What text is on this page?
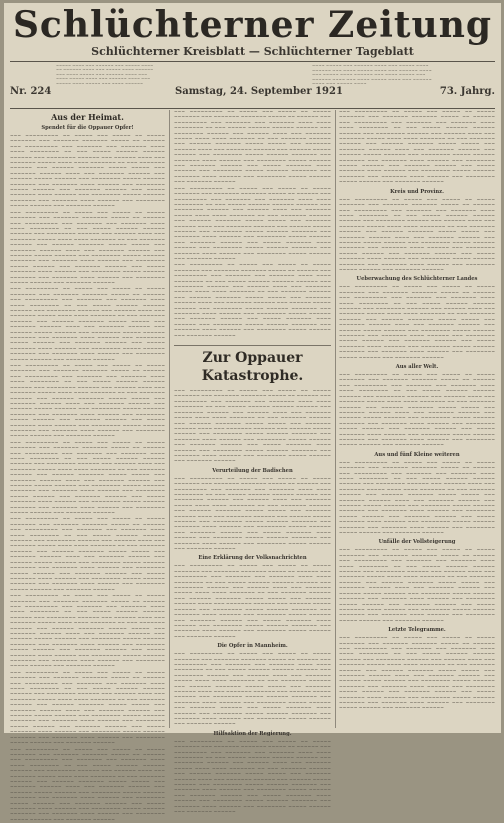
Schlüchterner Zeitung
Schlüchterner Kreisblatt — Schlüchterner Tageblatt
Nr. 224
~~~~~ ~~~~ ~~~ ~~~~~~ ~~~ ~~~~~ ~~~~ ~~ ~~~~~~ ~~~~ ~~~ ~~~~~ ~~~~ ~~~~~~ ~~~ ~~~~ ~~~~~ ~~~ ~~~~~~ ~~~~ ~~~ ~~~~ ~~~~~ ~~~~ ~~~ ~~~~~~ ~~~~ ~~~ ~~~~~ ~~~~ ~~~~~ ~~~ ~~~~ ~~~~~~
Samstag, 24. September 1921
~~~~ ~~~~~ ~~~ ~~~~~~ ~~~~ ~~~ ~~~~~ ~~~~ ~~~~~~ ~~~ ~~~~ ~~~~~ ~~~~ ~~~ ~~~~~~ ~~~~ ~~~ ~~~~~ ~~~~ ~~~~~~ ~~~ ~~~~ ~~~~~ ~~~ ~~~~~~ ~~~~ ~~~ ~~~~ ~~~~~ ~~~~ ~~~ ~~~~~~ ~~~~ ~~~ ~~~~~ ~~~~
73. Jahrg.
Aus der Heimat.
Spendet für die Oppauer Opfer!

~~~ ~~~~~~~~~ ~~ ~~~~~ ~~~ ~~~~~ ~~ ~~~~~ ~~~~~~~ ~~~ ~~~~~~~ ~~~~~~~ ~~~~~ ~~ ~~~~~~ ~~~ ~~~~~~~~~ ~~~ ~~~~~~~ ~~~ ~~~~~~~ ~~~~ ~~~~ ~~~~~~~~ ~~ ~~~ ~~~~~ ~~~~~~ ~~~~~~ ~~~~~~ ~~~ ~~~~~~~~ ~~~~~~ ~~~ ~~~~~~ ~~~~ ~~~ ~~~~~~~ ~~~~~ ~~~~ ~~~~ ~~~~~~~ ~~ ~~~ ~~~~~~~ ~~~~~~ ~~~ ~~~~~~ ~~~~~~~ ~~~~~ ~~~~~ ~~~ ~~~~~~~ ~~~~~~ ~~~~ ~~~ ~~~~~~~ ~~~~~~ ~~~ ~~~~~~ ~~~~~ ~~~~~~ ~~~ ~~~~~~~~ ~~~~~ ~~~~~~ ~~~~~~~ ~~~ ~~~~~~~ ~~~~ ~~~~~~ ~~~ ~~~~~~~~ ~~~~~ ~~~~~~ ~~~ ~~~~~~~ ~~~~~~ ~~~ ~~~~~ ~~~~~~~ ~~~~ ~~~~~~ ~~~ ~~~~~~~~ ~~~~~ ~~~~~~ ~~~~~~~ ~~~ ~~~~~~~ ~~~~ ~~~~~~ ~~~ ~~~~~~~~ ~~~~~ ~~~~~~ ~~~ ~~~~~~~ ~~~~~~

~~~ ~~~~~~~~~ ~~ ~~~~~ ~~~ ~~~~~ ~~ ~~~~~ ~~~~~~~ ~~~ ~~~~~~~ ~~~~~~~ ~~~~~ ~~ ~~~~~~ ~~~ ~~~~~~~~~ ~~~ ~~~~~~~ ~~~ ~~~~~~~ ~~~~ ~~~~ ~~~~~~~~ ~~ ~~~ ~~~~~ ~~~~~~ ~~~~~~ ~~~~~~ ~~~ ~~~~~~~~ ~~~~~~ ~~~ ~~~~~~ ~~~~ ~~~ ~~~~~~~ ~~~~~ ~~~~ ~~~~ ~~~~~~~ ~~ ~~~ ~~~~~~~ ~~~~~~ ~~~ ~~~~~~ ~~~~~~~ ~~~~~ ~~~~~ ~~~ ~~~~~~~ ~~~~~~ ~~~~ ~~~ ~~~~~~~ ~~~~~~ ~~~ ~~~~~~ ~~~~~ ~~~~~~ ~~~ ~~~~~~~~ ~~~~~ ~~~~~~ ~~~~~~~ ~~~ ~~~~~~~ ~~~~ ~~~~~~ ~~~ ~~~~~~~~ ~~~~~ ~~~~~~ ~~~ ~~~~~~~ ~~~~~~ ~~~ ~~~~~ ~~~~~~~ ~~~~ ~~~~~~ ~~~ ~~~~~~~~ ~~~~~ ~~~~~~ ~~~~~~~ ~~~ ~~~~~~~ ~~~~ ~~~~~~ ~~~ ~~~~~~~~ ~~~~~ ~~~~~~ ~~~ ~~~~~~~ ~~~~~~

~~~ ~~~~~~~~~ ~~ ~~~~~ ~~~ ~~~~~ ~~ ~~~~~ ~~~~~~~ ~~~ ~~~~~~~ ~~~~~~~ ~~~~~ ~~ ~~~~~~ ~~~ ~~~~~~~~~ ~~~ ~~~~~~~ ~~~ ~~~~~~~ ~~~~ ~~~~ ~~~~~~~~ ~~ ~~~ ~~~~~ ~~~~~~ ~~~~~~ ~~~~~~ ~~~ ~~~~~~~~ ~~~~~~ ~~~ ~~~~~~ ~~~~ ~~~ ~~~~~~~ ~~~~~ ~~~~ ~~~~ ~~~~~~~ ~~ ~~~ ~~~~~~~ ~~~~~~ ~~~ ~~~~~~ ~~~~~~~ ~~~~~ ~~~~~ ~~~ ~~~~~~~ ~~~~~~ ~~~~ ~~~ ~~~~~~~ ~~~~~~ ~~~ ~~~~~~ ~~~~~ ~~~~~~ ~~~ ~~~~~~~~ ~~~~~ ~~~~~~ ~~~~~~~ ~~~ ~~~~~~~ ~~~~ ~~~~~~ ~~~ ~~~~~~~~ ~~~~~ ~~~~~~ ~~~ ~~~~~~~ ~~~~~~ ~~~ ~~~~~ ~~~~~~~ ~~~~ ~~~~~~ ~~~ ~~~~~~~~ ~~~~~ ~~~~~~ ~~~~~~~ ~~~ ~~~~~~~ ~~~~ ~~~~~~ ~~~ ~~~~~~~~ ~~~~~ ~~~~~~ ~~~ ~~~~~~~ ~~~~~~

~~~ ~~~~~~~~~ ~~ ~~~~~ ~~~ ~~~~~ ~~ ~~~~~ ~~~~~~~ ~~~ ~~~~~~~ ~~~~~~~ ~~~~~ ~~ ~~~~~~ ~~~ ~~~~~~~~~ ~~~ ~~~~~~~ ~~~ ~~~~~~~ ~~~~ ~~~~ ~~~~~~~~ ~~ ~~~ ~~~~~ ~~~~~~ ~~~~~~ ~~~~~~ ~~~ ~~~~~~~~ ~~~~~~ ~~~ ~~~~~~ ~~~~ ~~~ ~~~~~~~ ~~~~~ ~~~~ ~~~~ ~~~~~~~ ~~ ~~~ ~~~~~~~ ~~~~~~ ~~~ ~~~~~~ ~~~~~~~ ~~~~~ ~~~~~ ~~~ ~~~~~~~ ~~~~~~ ~~~~ ~~~ ~~~~~~~ ~~~~~~ ~~~ ~~~~~~ ~~~~~ ~~~~~~ ~~~ ~~~~~~~~ ~~~~~ ~~~~~~ ~~~~~~~ ~~~ ~~~~~~~ ~~~~ ~~~~~~ ~~~ ~~~~~~~~ ~~~~~ ~~~~~~ ~~~ ~~~~~~~ ~~~~~~ ~~~ ~~~~~ ~~~~~~~ ~~~~ ~~~~~~ ~~~ ~~~~~~~~ ~~~~~ ~~~~~~ ~~~~~~~ ~~~ ~~~~~~~ ~~~~ ~~~~~~ ~~~ ~~~~~~~~ ~~~~~ ~~~~~~ ~~~ ~~~~~~~ ~~~~~~

~~~ ~~~~~~~~~ ~~ ~~~~~ ~~~ ~~~~~ ~~ ~~~~~ ~~~~~~~ ~~~ ~~~~~~~ ~~~~~~~ ~~~~~ ~~ ~~~~~~ ~~~ ~~~~~~~~~ ~~~ ~~~~~~~ ~~~ ~~~~~~~ ~~~~ ~~~~ ~~~~~~~~ ~~ ~~~ ~~~~~ ~~~~~~ ~~~~~~ ~~~~~~ ~~~ ~~~~~~~~ ~~~~~~ ~~~ ~~~~~~ ~~~~ ~~~ ~~~~~~~ ~~~~~ ~~~~ ~~~~ ~~~~~~~ ~~ ~~~ ~~~~~~~ ~~~~~~ ~~~ ~~~~~~ ~~~~~~~ ~~~~~ ~~~~~ ~~~ ~~~~~~~ ~~~~~~ ~~~~ ~~~ ~~~~~~~ ~~~~~~ ~~~ ~~~~~~ ~~~~~ ~~~~~~ ~~~ ~~~~~~~~ ~~~~~ ~~~~~~ ~~~~~~~ ~~~ ~~~~~~~ ~~~~ ~~~~~~ ~~~ ~~~~~~~~ ~~~~~ ~~~~~~ ~~~ ~~~~~~~ ~~~~~~ ~~~ ~~~~~ ~~~~~~~ ~~~~ ~~~~~~ ~~~ ~~~~~~~~ ~~~~~ ~~~~~~ ~~~~~~~ ~~~ ~~~~~~~ ~~~~ ~~~~~~ ~~~ ~~~~~~~~ ~~~~~ ~~~~~~ ~~~ ~~~~~~~ ~~~~~~

~~~ ~~~~~~~~~ ~~ ~~~~~ ~~~ ~~~~~ ~~ ~~~~~ ~~~~~~~ ~~~ ~~~~~~~ ~~~~~~~ ~~~~~ ~~ ~~~~~~ ~~~ ~~~~~~~~~ ~~~ ~~~~~~~ ~~~ ~~~~~~~ ~~~~ ~~~~ ~~~~~~~~ ~~ ~~~ ~~~~~ ~~~~~~ ~~~~~~ ~~~~~~ ~~~ ~~~~~~~~ ~~~~~~ ~~~ ~~~~~~ ~~~~ ~~~ ~~~~~~~ ~~~~~ ~~~~ ~~~~ ~~~~~~~ ~~ ~~~ ~~~~~~~ ~~~~~~ ~~~ ~~~~~~ ~~~~~~~ ~~~~~ ~~~~~ ~~~ ~~~~~~~ ~~~~~~ ~~~~ ~~~ ~~~~~~~ ~~~~~~ ~~~ ~~~~~~ ~~~~~ ~~~~~~ ~~~ ~~~~~~~~ ~~~~~ ~~~~~~ ~~~~~~~ ~~~ ~~~~~~~ ~~~~ ~~~~~~ ~~~ ~~~~~~~~ ~~~~~ ~~~~~~ ~~~ ~~~~~~~ ~~~~~~ ~~~ ~~~~~ ~~~~~~~ ~~~~ ~~~~~~ ~~~ ~~~~~~~~ ~~~~~ ~~~~~~ ~~~~~~~ ~~~ ~~~~~~~ ~~~~ ~~~~~~ ~~~ ~~~~~~~~ ~~~~~ ~~~~~~ ~~~ ~~~~~~~ ~~~~~~

~~~ ~~~~~~~~~ ~~ ~~~~~ ~~~ ~~~~~ ~~ ~~~~~ ~~~~~~~ ~~~ ~~~~~~~ ~~~~~~~ ~~~~~ ~~ ~~~~~~ ~~~ ~~~~~~~~~ ~~~ ~~~~~~~ ~~~ ~~~~~~~ ~~~~ ~~~~ ~~~~~~~~ ~~ ~~~ ~~~~~ ~~~~~~ ~~~~~~ ~~~~~~ ~~~ ~~~~~~~~ ~~~~~~ ~~~ ~~~~~~ ~~~~ ~~~ ~~~~~~~ ~~~~~ ~~~~ ~~~~ ~~~~~~~ ~~ ~~~ ~~~~~~~ ~~~~~~ ~~~ ~~~~~~ ~~~~~~~ ~~~~~ ~~~~~ ~~~ ~~~~~~~ ~~~~~~ ~~~~ ~~~ ~~~~~~~ ~~~~~~ ~~~ ~~~~~~ ~~~~~ ~~~~~~ ~~~ ~~~~~~~~ ~~~~~ ~~~~~~ ~~~~~~~ ~~~ ~~~~~~~ ~~~~ ~~~~~~ ~~~ ~~~~~~~~ ~~~~~ ~~~~~~ ~~~ ~~~~~~~ ~~~~~~ ~~~ ~~~~~ ~~~~~~~ ~~~~ ~~~~~~ ~~~ ~~~~~~~~ ~~~~~ ~~~~~~ ~~~~~~~ ~~~ ~~~~~~~ ~~~~ ~~~~~~ ~~~ ~~~~~~~~ ~~~~~ ~~~~~~ ~~~ ~~~~~~~ ~~~~~~

~~~ ~~~~~~~~~ ~~ ~~~~~ ~~~ ~~~~~ ~~ ~~~~~ ~~~~~~~ ~~~ ~~~~~~~ ~~~~~~~ ~~~~~ ~~ ~~~~~~ ~~~ ~~~~~~~~~ ~~~ ~~~~~~~ ~~~ ~~~~~~~ ~~~~ ~~~~ ~~~~~~~~ ~~ ~~~ ~~~~~ ~~~~~~ ~~~~~~ ~~~~~~ ~~~ ~~~~~~~~ ~~~~~~ ~~~ ~~~~~~ ~~~~ ~~~ ~~~~~~~ ~~~~~ ~~~~ ~~~~ ~~~~~~~ ~~ ~~~ ~~~~~~~ ~~~~~~ ~~~ ~~~~~~ ~~~~~~~ ~~~~~ ~~~~~ ~~~ ~~~~~~~ ~~~~~~ ~~~~ ~~~ ~~~~~~~ ~~~~~~ ~~~ ~~~~~~ ~~~~~ ~~~~~~ ~~~ ~~~~~~~~ ~~~~~ ~~~~~~ ~~~~~~~ ~~~ ~~~~~~~ ~~~~ ~~~~~~ ~~~ ~~~~~~~~ ~~~~~ ~~~~~~ ~~~ ~~~~~~~ ~~~~~~ ~~~ ~~~~~ ~~~~~~~ ~~~~ ~~~~~~ ~~~ ~~~~~~~~ ~~~~~ ~~~~~~ ~~~~~~~ ~~~ ~~~~~~~ ~~~~ ~~~~~~ ~~~ ~~~~~~~~ ~~~~~ ~~~~~~ ~~~ ~~~~~~~ ~~~~~~

~~~ ~~~~~~~~~ ~~ ~~~~~ ~~~ ~~~~~ ~~ ~~~~~ ~~~~~~~ ~~~ ~~~~~~~ ~~~~~~~ ~~~~~ ~~ ~~~~~~ ~~~ ~~~~~~~~~ ~~~ ~~~~~~~ ~~~ ~~~~~~~ ~~~~ ~~~~ ~~~~~~~~ ~~ ~~~ ~~~~~ ~~~~~~ ~~~~~~ ~~~~~~ ~~~ ~~~~~~~~ ~~~~~~ ~~~ ~~~~~~ ~~~~ ~~~ ~~~~~~~ ~~~~~ ~~~~ ~~~~ ~~~~~~~ ~~ ~~~ ~~~~~~~ ~~~~~~ ~~~ ~~~~~~ ~~~~~~~ ~~~~~ ~~~~~ ~~~ ~~~~~~~ ~~~~~~ ~~~~ ~~~ ~~~~~~~ ~~~~~~ ~~~ ~~~~~~ ~~~~~ ~~~~~~ ~~~ ~~~~~~~~ ~~~~~ ~~~~~~ ~~~~~~~ ~~~ ~~~~~~~ ~~~~ ~~~~~~ ~~~ ~~~~~~~~ ~~~~~ ~~~~~~ ~~~ ~~~~~~~ ~~~~~~ ~~~ ~~~~~ ~~~~~~~ ~~~~ ~~~~~~ ~~~ ~~~~~~~~ ~~~~~ ~~~~~~ ~~~~~~~ ~~~ ~~~~~~~ ~~~~ ~~~~~~ ~~~ ~~~~~~~~ ~~~~~ ~~~~~~ ~~~ ~~~~~~~ ~~~~~~

~~~ ~~~~~~~~~ ~~ ~~~~~ ~~~ ~~~~~ ~~ ~~~~~ ~~~~~~~ ~~~ ~~~~~~~ ~~~~~~~ ~~~~~ ~~ ~~~~~~ ~~~ ~~~~~~~~~ ~~~ ~~~~~~~ ~~~ ~~~~~~~ ~~~~ ~~~~ ~~~~~~~~ ~~ ~~~ ~~~~~ ~~~~~~ ~~~~~~ ~~~~~~ ~~~ ~~~~~~~~ ~~~~~~ ~~~ ~~~~~~ ~~~~ ~~~ ~~~~~~~ ~~~~~ ~~~~ ~~~~ ~~~~~~~ ~~ ~~~ ~~~~~~~ ~~~~~~ ~~~ ~~~~~~ ~~~~~~~ ~~~~~ ~~~~~ ~~~ ~~~~~~~ ~~~~~~ ~~~~ ~~~ ~~~~~~~ ~~~~~~ ~~~ ~~~~~~ ~~~~~ ~~~~~~ ~~~ ~~~~~~~~ ~~~~~ ~~~~~~ ~~~~~~~ ~~~ ~~~~~~~ ~~~~ ~~~~~~ ~~~ ~~~~~~~~ ~~~~~ ~~~~~~ ~~~ ~~~~~~~ ~~~~~~ ~~~ ~~~~~ ~~~~~~~ ~~~~ ~~~~~~ ~~~ ~~~~~~~~ ~~~~~ ~~~~~~ ~~~~~~~ ~~~ ~~~~~~~ ~~~~ ~~~~~~ ~~~ ~~~~~~~~ ~~~~~ ~~~~~~ ~~~ ~~~~~~~ ~~~~~~

~~~ ~~~~~~~~~ ~~ ~~~~~ ~~~ ~~~~~ ~~ ~~~~~ ~~~~~~~ ~~~ ~~~~~~~ ~~~~~~~ ~~~~~ ~~ ~~~~~~ ~~~ ~~~~~~~~~ ~~~ ~~~~~~~ ~~~ ~~~~~~~ ~~~~ ~~~~ ~~~~~~~~ ~~ ~~~ ~~~~~ ~~~~~~ ~~~~~~ ~~~~~~ ~~~ ~~~~~~~~ ~~~~~~ ~~~ ~~~~~~ ~~~~ ~~~ ~~~~~~~ ~~~~~ ~~~~ ~~~~ ~~~~~~~ ~~ ~~~ ~~~~~~~ ~~~~~~ ~~~ ~~~~~~ ~~~~~~~ ~~~~~ ~~~~~ ~~~ ~~~~~~~ ~~~~~~ ~~~~ ~~~ ~~~~~~~ ~~~~~~ ~~~ ~~~~~~ ~~~~~ ~~~~~~ ~~~ ~~~~~~~~ ~~~~~ ~~~~~~ ~~~~~~~ ~~~ ~~~~~~~ ~~~~ ~~~~~~ ~~~ ~~~~~~~~ ~~~~~ ~~~~~~ ~~~ ~~~~~~~ ~~~~~~ ~~~ ~~~~~ ~~~~~~~ ~~~~ ~~~~~~ ~~~ ~~~~~~~~ ~~~~~ ~~~~~~ ~~~~~~~ ~~~ ~~~~~~~ ~~~~ ~~~~~~ ~~~ ~~~~~~~~ ~~~~~ ~~~~~~ ~~~ ~~~~~~~ ~~~~~~

~~~ ~~~~~~~~~ ~~ ~~~~~ ~~~ ~~~~~ ~~ ~~~~~ ~~~~~~~ ~~~ ~~~~~~~ ~~~~~~~ ~~~~~ ~~ ~~~~~~ ~~~ ~~~~~~~~~ ~~~ ~~~~~~~ ~~~ ~~~~~~~ ~~~~ ~~~~ ~~~~~~~~ ~~ ~~~ ~~~~~ ~~~~~~ ~~~~~~ ~~~~~~ ~~~ ~~~~~~~~ ~~~~~~ ~~~ ~~~~~~ ~~~~ ~~~ ~~~~~~~ ~~~~~ ~~~~ ~~~~ ~~~~~~~ ~~ ~~~ ~~~~~~~ ~~~~~~ ~~~ ~~~~~~ ~~~~~~~ ~~~~~ ~~~~~ ~~~ ~~~~~~~ ~~~~~~ ~~~~ ~~~ ~~~~~~~ ~~~~~~ ~~~ ~~~~~~ ~~~~~ ~~~~~~ ~~~ ~~~~~~~~ ~~~~~ ~~~~~~ ~~~~~~~ ~~~ ~~~~~~~ ~~~~ ~~~~~~ ~~~ ~~~~~~~~ ~~~~~ ~~~~~~ ~~~ ~~~~~~~ ~~~~~~ ~~~ ~~~~~ ~~~~~~~ ~~~~ ~~~~~~ ~~~ ~~~~~~~~ ~~~~~ ~~~~~~ ~~~~~~~ ~~~ ~~~~~~~ ~~~~ ~~~~~~ ~~~ ~~~~~~~~ ~~~~~ ~~~~~~ ~~~ ~~~~~~~ ~~~~~~

Zur Oppauer Katastrophe.

~~~ ~~~~~~~~~ ~~ ~~~~~ ~~~ ~~~~~ ~~ ~~~~~ ~~~~~~~ ~~~ ~~~~~~~ ~~~~~~~ ~~~~~ ~~ ~~~~~~ ~~~ ~~~~~~~~~ ~~~ ~~~~~~~ ~~~ ~~~~~~~ ~~~~ ~~~~ ~~~~~~~~ ~~ ~~~ ~~~~~ ~~~~~~ ~~~~~~ ~~~~~~ ~~~ ~~~~~~~~ ~~~~~~ ~~~ ~~~~~~ ~~~~ ~~~ ~~~~~~~ ~~~~~ ~~~~ ~~~~ ~~~~~~~ ~~ ~~~ ~~~~~~~ ~~~~~~ ~~~ ~~~~~~ ~~~~~~~ ~~~~~ ~~~~~ ~~~ ~~~~~~~ ~~~~~~ ~~~~ ~~~ ~~~~~~~ ~~~~~~ ~~~ ~~~~~~ ~~~~~ ~~~~~~ ~~~ ~~~~~~~~ ~~~~~ ~~~~~~ ~~~~~~~ ~~~ ~~~~~~~ ~~~~ ~~~~~~ ~~~ ~~~~~~~~ ~~~~~ ~~~~~~ ~~~ ~~~~~~~ ~~~~~~ ~~~ ~~~~~ ~~~~~~~ ~~~~ ~~~~~~ ~~~ ~~~~~~~~ ~~~~~ ~~~~~~ ~~~~~~~ ~~~ ~~~~~~~ ~~~~ ~~~~~~ ~~~ ~~~~~~~~ ~~~~~ ~~~~~~ ~~~ ~~~~~~~ ~~~~~~

Verurteilung der Badischen

~~~ ~~~~~~~~~ ~~ ~~~~~ ~~~ ~~~~~ ~~ ~~~~~ ~~~~~~~ ~~~ ~~~~~~~ ~~~~~~~ ~~~~~ ~~ ~~~~~~ ~~~ ~~~~~~~~~ ~~~ ~~~~~~~ ~~~ ~~~~~~~ ~~~~ ~~~~ ~~~~~~~~ ~~ ~~~ ~~~~~ ~~~~~~ ~~~~~~ ~~~~~~ ~~~ ~~~~~~~~ ~~~~~~ ~~~ ~~~~~~ ~~~~ ~~~ ~~~~~~~ ~~~~~ ~~~~ ~~~~ ~~~~~~~ ~~ ~~~ ~~~~~~~ ~~~~~~ ~~~ ~~~~~~ ~~~~~~~ ~~~~~ ~~~~~ ~~~ ~~~~~~~ ~~~~~~ ~~~~ ~~~ ~~~~~~~ ~~~~~~ ~~~ ~~~~~~ ~~~~~ ~~~~~~ ~~~ ~~~~~~~~ ~~~~~ ~~~~~~ ~~~~~~~ ~~~ ~~~~~~~ ~~~~ ~~~~~~ ~~~ ~~~~~~~~ ~~~~~ ~~~~~~ ~~~ ~~~~~~~ ~~~~~~ ~~~ ~~~~~ ~~~~~~~ ~~~~ ~~~~~~ ~~~ ~~~~~~~~ ~~~~~ ~~~~~~ ~~~~~~~ ~~~ ~~~~~~~ ~~~~ ~~~~~~ ~~~ ~~~~~~~~ ~~~~~ ~~~~~~ ~~~ ~~~~~~~ ~~~~~~

Eine Erklärung der Volksnachrichten

~~~ ~~~~~~~~~ ~~ ~~~~~ ~~~ ~~~~~ ~~ ~~~~~ ~~~~~~~ ~~~ ~~~~~~~ ~~~~~~~ ~~~~~ ~~ ~~~~~~ ~~~ ~~~~~~~~~ ~~~ ~~~~~~~ ~~~ ~~~~~~~ ~~~~ ~~~~ ~~~~~~~~ ~~ ~~~ ~~~~~ ~~~~~~ ~~~~~~ ~~~~~~ ~~~ ~~~~~~~~ ~~~~~~ ~~~ ~~~~~~ ~~~~ ~~~ ~~~~~~~ ~~~~~ ~~~~ ~~~~ ~~~~~~~ ~~ ~~~ ~~~~~~~ ~~~~~~ ~~~ ~~~~~~ ~~~~~~~ ~~~~~ ~~~~~ ~~~ ~~~~~~~ ~~~~~~ ~~~~ ~~~ ~~~~~~~ ~~~~~~ ~~~ ~~~~~~ ~~~~~ ~~~~~~ ~~~ ~~~~~~~~ ~~~~~ ~~~~~~ ~~~~~~~ ~~~ ~~~~~~~ ~~~~ ~~~~~~ ~~~ ~~~~~~~~ ~~~~~ ~~~~~~ ~~~ ~~~~~~~ ~~~~~~ ~~~ ~~~~~ ~~~~~~~ ~~~~ ~~~~~~ ~~~ ~~~~~~~~ ~~~~~ ~~~~~~ ~~~~~~~ ~~~ ~~~~~~~ ~~~~ ~~~~~~ ~~~ ~~~~~~~~ ~~~~~ ~~~~~~ ~~~ ~~~~~~~ ~~~~~~

Die Opfer in Mannheim.

~~~ ~~~~~~~~~ ~~ ~~~~~ ~~~ ~~~~~ ~~ ~~~~~ ~~~~~~~ ~~~ ~~~~~~~ ~~~~~~~ ~~~~~ ~~ ~~~~~~ ~~~ ~~~~~~~~~ ~~~ ~~~~~~~ ~~~ ~~~~~~~ ~~~~ ~~~~ ~~~~~~~~ ~~ ~~~ ~~~~~ ~~~~~~ ~~~~~~ ~~~~~~ ~~~ ~~~~~~~~ ~~~~~~ ~~~ ~~~~~~ ~~~~ ~~~ ~~~~~~~ ~~~~~ ~~~~ ~~~~ ~~~~~~~ ~~ ~~~ ~~~~~~~ ~~~~~~ ~~~ ~~~~~~ ~~~~~~~ ~~~~~ ~~~~~ ~~~ ~~~~~~~ ~~~~~~ ~~~~ ~~~ ~~~~~~~ ~~~~~~ ~~~ ~~~~~~ ~~~~~ ~~~~~~ ~~~ ~~~~~~~~ ~~~~~ ~~~~~~ ~~~~~~~ ~~~ ~~~~~~~ ~~~~ ~~~~~~ ~~~ ~~~~~~~~ ~~~~~ ~~~~~~ ~~~ ~~~~~~~ ~~~~~~ ~~~ ~~~~~ ~~~~~~~ ~~~~ ~~~~~~ ~~~ ~~~~~~~~ ~~~~~ ~~~~~~ ~~~~~~~ ~~~ ~~~~~~~ ~~~~ ~~~~~~ ~~~ ~~~~~~~~ ~~~~~ ~~~~~~ ~~~ ~~~~~~~ ~~~~~~

Hilfsaktion der Regierung.

~~~ ~~~~~~~~~ ~~ ~~~~~ ~~~ ~~~~~ ~~ ~~~~~ ~~~~~~~ ~~~ ~~~~~~~ ~~~~~~~ ~~~~~ ~~ ~~~~~~ ~~~ ~~~~~~~~~ ~~~ ~~~~~~~ ~~~ ~~~~~~~ ~~~~ ~~~~ ~~~~~~~~ ~~ ~~~ ~~~~~ ~~~~~~ ~~~~~~ ~~~~~~ ~~~ ~~~~~~~~ ~~~~~~ ~~~ ~~~~~~ ~~~~ ~~~ ~~~~~~~ ~~~~~ ~~~~ ~~~~ ~~~~~~~ ~~ ~~~ ~~~~~~~ ~~~~~~ ~~~ ~~~~~~ ~~~~~~~ ~~~~~ ~~~~~ ~~~ ~~~~~~~ ~~~~~~ ~~~~ ~~~ ~~~~~~~ ~~~~~~ ~~~ ~~~~~~ ~~~~~ ~~~~~~ ~~~ ~~~~~~~~ ~~~~~ ~~~~~~ ~~~~~~~ ~~~ ~~~~~~~ ~~~~ ~~~~~~ ~~~ ~~~~~~~~ ~~~~~ ~~~~~~ ~~~ ~~~~~~~ ~~~~~~ ~~~ ~~~~~ ~~~~~~~ ~~~~ ~~~~~~ ~~~ ~~~~~~~~ ~~~~~ ~~~~~~ ~~~~~~~ ~~~ ~~~~~~~ ~~~~ ~~~~~~ ~~~ ~~~~~~~~ ~~~~~ ~~~~~~ ~~~ ~~~~~~~ ~~~~~~

~~~ ~~~~~~~~~ ~~ ~~~~~ ~~~ ~~~~~ ~~ ~~~~~ ~~~~~~~ ~~~ ~~~~~~~ ~~~~~~~ ~~~~~ ~~ ~~~~~~ ~~~ ~~~~~~~~~ ~~~ ~~~~~~~ ~~~ ~~~~~~~ ~~~~ ~~~~ ~~~~~~~~ ~~ ~~~ ~~~~~ ~~~~~~ ~~~~~~ ~~~~~~ ~~~ ~~~~~~~~ ~~~~~~ ~~~ ~~~~~~ ~~~~ ~~~ ~~~~~~~ ~~~~~ ~~~~ ~~~~ ~~~~~~~ ~~ ~~~ ~~~~~~~ ~~~~~~ ~~~ ~~~~~~ ~~~~~~~ ~~~~~ ~~~~~ ~~~ ~~~~~~~ ~~~~~~ ~~~~ ~~~ ~~~~~~~ ~~~~~~ ~~~ ~~~~~~ ~~~~~ ~~~~~~ ~~~ ~~~~~~~~ ~~~~~ ~~~~~~ ~~~~~~~ ~~~ ~~~~~~~ ~~~~ ~~~~~~ ~~~ ~~~~~~~~ ~~~~~ ~~~~~~ ~~~ ~~~~~~~ ~~~~~~ ~~~ ~~~~~ ~~~~~~~ ~~~~ ~~~~~~ ~~~ ~~~~~~~~ ~~~~~ ~~~~~~ ~~~~~~~ ~~~ ~~~~~~~ ~~~~ ~~~~~~ ~~~ ~~~~~~~~ ~~~~~ ~~~~~~ ~~~ ~~~~~~~ ~~~~~~

Kreis und Provinz.

~~~ ~~~~~~~~~ ~~ ~~~~~ ~~~ ~~~~~ ~~ ~~~~~ ~~~~~~~ ~~~ ~~~~~~~ ~~~~~~~ ~~~~~ ~~ ~~~~~~ ~~~ ~~~~~~~~~ ~~~ ~~~~~~~ ~~~ ~~~~~~~ ~~~~ ~~~~ ~~~~~~~~ ~~ ~~~ ~~~~~ ~~~~~~ ~~~~~~ ~~~~~~ ~~~ ~~~~~~~~ ~~~~~~ ~~~ ~~~~~~ ~~~~ ~~~ ~~~~~~~ ~~~~~ ~~~~ ~~~~ ~~~~~~~ ~~ ~~~ ~~~~~~~ ~~~~~~ ~~~ ~~~~~~ ~~~~~~~ ~~~~~ ~~~~~ ~~~ ~~~~~~~ ~~~~~~ ~~~~ ~~~ ~~~~~~~ ~~~~~~ ~~~ ~~~~~~ ~~~~~ ~~~~~~ ~~~ ~~~~~~~~ ~~~~~ ~~~~~~ ~~~~~~~ ~~~ ~~~~~~~ ~~~~ ~~~~~~ ~~~ ~~~~~~~~ ~~~~~ ~~~~~~ ~~~ ~~~~~~~ ~~~~~~ ~~~ ~~~~~ ~~~~~~~ ~~~~ ~~~~~~ ~~~ ~~~~~~~~ ~~~~~ ~~~~~~ ~~~~~~~ ~~~ ~~~~~~~ ~~~~ ~~~~~~ ~~~ ~~~~~~~~ ~~~~~ ~~~~~~ ~~~ ~~~~~~~ ~~~~~~

Ueberwachung des Schlüchterner Landes

~~~ ~~~~~~~~~ ~~ ~~~~~ ~~~ ~~~~~ ~~ ~~~~~ ~~~~~~~ ~~~ ~~~~~~~ ~~~~~~~ ~~~~~ ~~ ~~~~~~ ~~~ ~~~~~~~~~ ~~~ ~~~~~~~ ~~~ ~~~~~~~ ~~~~ ~~~~ ~~~~~~~~ ~~ ~~~ ~~~~~ ~~~~~~ ~~~~~~ ~~~~~~ ~~~ ~~~~~~~~ ~~~~~~ ~~~ ~~~~~~ ~~~~ ~~~ ~~~~~~~ ~~~~~ ~~~~ ~~~~ ~~~~~~~ ~~ ~~~ ~~~~~~~ ~~~~~~ ~~~ ~~~~~~ ~~~~~~~ ~~~~~ ~~~~~ ~~~ ~~~~~~~ ~~~~~~ ~~~~ ~~~ ~~~~~~~ ~~~~~~ ~~~ ~~~~~~ ~~~~~ ~~~~~~ ~~~ ~~~~~~~~ ~~~~~ ~~~~~~ ~~~~~~~ ~~~ ~~~~~~~ ~~~~ ~~~~~~ ~~~ ~~~~~~~~ ~~~~~ ~~~~~~ ~~~ ~~~~~~~ ~~~~~~ ~~~ ~~~~~ ~~~~~~~ ~~~~ ~~~~~~ ~~~ ~~~~~~~~ ~~~~~ ~~~~~~ ~~~~~~~ ~~~ ~~~~~~~ ~~~~ ~~~~~~ ~~~ ~~~~~~~~ ~~~~~ ~~~~~~ ~~~ ~~~~~~~ ~~~~~~

Aus aller Welt.

~~~ ~~~~~~~~~ ~~ ~~~~~ ~~~ ~~~~~ ~~ ~~~~~ ~~~~~~~ ~~~ ~~~~~~~ ~~~~~~~ ~~~~~ ~~ ~~~~~~ ~~~ ~~~~~~~~~ ~~~ ~~~~~~~ ~~~ ~~~~~~~ ~~~~ ~~~~ ~~~~~~~~ ~~ ~~~ ~~~~~ ~~~~~~ ~~~~~~ ~~~~~~ ~~~ ~~~~~~~~ ~~~~~~ ~~~ ~~~~~~ ~~~~ ~~~ ~~~~~~~ ~~~~~ ~~~~ ~~~~ ~~~~~~~ ~~ ~~~ ~~~~~~~ ~~~~~~ ~~~ ~~~~~~ ~~~~~~~ ~~~~~ ~~~~~ ~~~ ~~~~~~~ ~~~~~~ ~~~~ ~~~ ~~~~~~~ ~~~~~~ ~~~ ~~~~~~ ~~~~~ ~~~~~~ ~~~ ~~~~~~~~ ~~~~~ ~~~~~~ ~~~~~~~ ~~~ ~~~~~~~ ~~~~ ~~~~~~ ~~~ ~~~~~~~~ ~~~~~ ~~~~~~ ~~~ ~~~~~~~ ~~~~~~ ~~~ ~~~~~ ~~~~~~~ ~~~~ ~~~~~~ ~~~ ~~~~~~~~ ~~~~~ ~~~~~~ ~~~~~~~ ~~~ ~~~~~~~ ~~~~ ~~~~~~ ~~~ ~~~~~~~~ ~~~~~ ~~~~~~ ~~~ ~~~~~~~ ~~~~~~

Aus und fünf Kleine weiteren

~~~ ~~~~~~~~~ ~~ ~~~~~ ~~~ ~~~~~ ~~ ~~~~~ ~~~~~~~ ~~~ ~~~~~~~ ~~~~~~~ ~~~~~ ~~ ~~~~~~ ~~~ ~~~~~~~~~ ~~~ ~~~~~~~ ~~~ ~~~~~~~ ~~~~ ~~~~ ~~~~~~~~ ~~ ~~~ ~~~~~ ~~~~~~ ~~~~~~ ~~~~~~ ~~~ ~~~~~~~~ ~~~~~~ ~~~ ~~~~~~ ~~~~ ~~~ ~~~~~~~ ~~~~~ ~~~~ ~~~~ ~~~~~~~ ~~ ~~~ ~~~~~~~ ~~~~~~ ~~~ ~~~~~~ ~~~~~~~ ~~~~~ ~~~~~ ~~~ ~~~~~~~ ~~~~~~ ~~~~ ~~~ ~~~~~~~ ~~~~~~ ~~~ ~~~~~~ ~~~~~ ~~~~~~ ~~~ ~~~~~~~~ ~~~~~ ~~~~~~ ~~~~~~~ ~~~ ~~~~~~~ ~~~~ ~~~~~~ ~~~ ~~~~~~~~ ~~~~~ ~~~~~~ ~~~ ~~~~~~~ ~~~~~~ ~~~ ~~~~~ ~~~~~~~ ~~~~ ~~~~~~ ~~~ ~~~~~~~~ ~~~~~ ~~~~~~ ~~~~~~~ ~~~ ~~~~~~~ ~~~~ ~~~~~~ ~~~ ~~~~~~~~ ~~~~~ ~~~~~~ ~~~ ~~~~~~~ ~~~~~~

Unfälle der Vollsteigerung

~~~ ~~~~~~~~~ ~~ ~~~~~ ~~~ ~~~~~ ~~ ~~~~~ ~~~~~~~ ~~~ ~~~~~~~ ~~~~~~~ ~~~~~ ~~ ~~~~~~ ~~~ ~~~~~~~~~ ~~~ ~~~~~~~ ~~~ ~~~~~~~ ~~~~ ~~~~ ~~~~~~~~ ~~ ~~~ ~~~~~ ~~~~~~ ~~~~~~ ~~~~~~ ~~~ ~~~~~~~~ ~~~~~~ ~~~ ~~~~~~ ~~~~ ~~~ ~~~~~~~ ~~~~~ ~~~~ ~~~~ ~~~~~~~ ~~ ~~~ ~~~~~~~ ~~~~~~ ~~~ ~~~~~~ ~~~~~~~ ~~~~~ ~~~~~ ~~~ ~~~~~~~ ~~~~~~ ~~~~ ~~~ ~~~~~~~ ~~~~~~ ~~~ ~~~~~~ ~~~~~ ~~~~~~ ~~~ ~~~~~~~~ ~~~~~ ~~~~~~ ~~~~~~~ ~~~ ~~~~~~~ ~~~~ ~~~~~~ ~~~ ~~~~~~~~ ~~~~~ ~~~~~~ ~~~ ~~~~~~~ ~~~~~~ ~~~ ~~~~~ ~~~~~~~ ~~~~ ~~~~~~ ~~~ ~~~~~~~~ ~~~~~ ~~~~~~ ~~~~~~~ ~~~ ~~~~~~~ ~~~~ ~~~~~~ ~~~ ~~~~~~~~ ~~~~~ ~~~~~~ ~~~ ~~~~~~~ ~~~~~~

Letzte Telegramme.

~~~ ~~~~~~~~~ ~~ ~~~~~ ~~~ ~~~~~ ~~ ~~~~~ ~~~~~~~ ~~~ ~~~~~~~ ~~~~~~~ ~~~~~ ~~ ~~~~~~ ~~~ ~~~~~~~~~ ~~~ ~~~~~~~ ~~~ ~~~~~~~ ~~~~ ~~~~ ~~~~~~~~ ~~ ~~~ ~~~~~ ~~~~~~ ~~~~~~ ~~~~~~ ~~~ ~~~~~~~~ ~~~~~~ ~~~ ~~~~~~ ~~~~ ~~~ ~~~~~~~ ~~~~~ ~~~~ ~~~~ ~~~~~~~ ~~ ~~~ ~~~~~~~ ~~~~~~ ~~~ ~~~~~~ ~~~~~~~ ~~~~~ ~~~~~ ~~~ ~~~~~~~ ~~~~~~ ~~~~ ~~~ ~~~~~~~ ~~~~~~ ~~~ ~~~~~~ ~~~~~ ~~~~~~ ~~~ ~~~~~~~~ ~~~~~ ~~~~~~ ~~~~~~~ ~~~ ~~~~~~~ ~~~~ ~~~~~~ ~~~ ~~~~~~~~ ~~~~~ ~~~~~~ ~~~ ~~~~~~~ ~~~~~~ ~~~ ~~~~~ ~~~~~~~ ~~~~ ~~~~~~ ~~~ ~~~~~~~~ ~~~~~ ~~~~~~ ~~~~~~~ ~~~ ~~~~~~~ ~~~~ ~~~~~~ ~~~ ~~~~~~~~ ~~~~~ ~~~~~~ ~~~ ~~~~~~~ ~~~~~~
